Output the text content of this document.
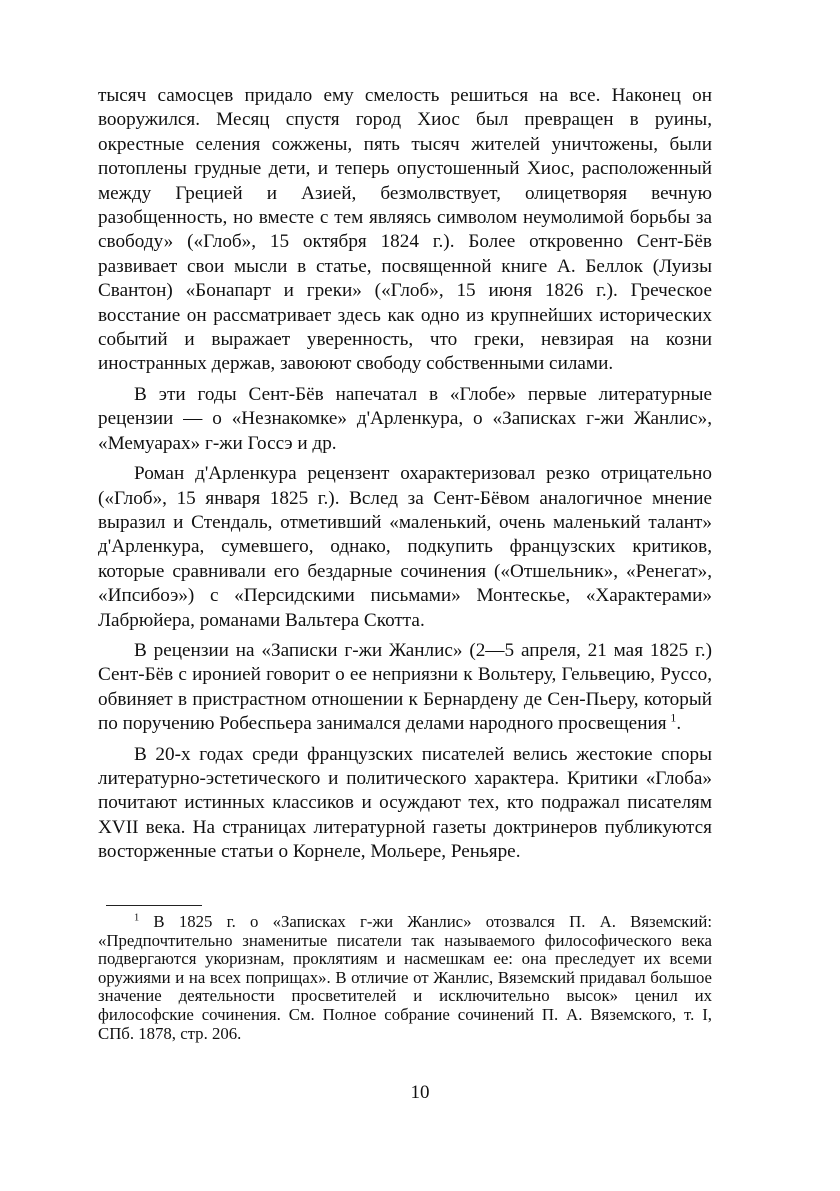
тысяч самосцев придало ему смелость решиться на все. Наконец он вооружился. Месяц спустя город Хиос был превращен в руины, окрестные селения сожжены, пять тысяч жителей уничтожены, были потоплены грудные дети, и теперь опустошенный Хиос, расположенный между Грецией и Азией, безмолвствует, олицетворяя вечную разобщенность, но вместе с тем являясь символом неумолимой борьбы за свободу» («Глоб», 15 октября 1824 г.). Более откровенно Сент-Бёв развивает свои мысли в статье, посвященной книге А. Беллок (Луизы Свантон) «Бонапарт и греки» («Глоб», 15 июня 1826 г.). Греческое восстание он рассматривает здесь как одно из крупнейших исторических событий и выражает уверенность, что греки, невзирая на козни иностранных держав, завоюют свободу собственными силами.

В эти годы Сент-Бёв напечатал в «Глобе» первые литературные рецензии — о «Незнакомке» д'Арленкура, о «Записках г-жи Жанлис», «Мемуарах» г-жи Госсэ и др.

Роман д'Арленкура рецензент охарактеризовал резко отрицательно («Глоб», 15 января 1825 г.). Вслед за Сент-Бёвом аналогичное мнение выразил и Стендаль, отметивший «маленький, очень маленький талант» д'Арленкура, сумевшего, однако, подкупить французских критиков, которые сравнивали его бездарные сочинения («Отшельник», «Ренегат», «Ипсибоэ») с «Персидскими письмами» Монтескье, «Характерами» Лабрюйера, романами Вальтера Скотта.

В рецензии на «Записки г-жи Жанлис» (2—5 апреля, 21 мая 1825 г.) Сент-Бёв с иронией говорит о ее неприязни к Вольтеру, Гельвецию, Руссо, обвиняет в пристрастном отношении к Бернардену де Сен-Пьеру, который по поручению Робеспьера занимался делами народного просвещения  $^1$.

В 20-х годах среди французских писателей велись жестокие споры литературно-эстетического и политического характера. Критики «Глоба» почитают истинных классиков и осуждают тех, кто подражал писателям XVII века. На страницах литературной газеты доктринеров публикуются восторженные статьи о Корнеле, Мольере, Реньяре.

$^1$ В 1825 г. о «Записках г-жи Жанлис» отозвался П. А. Вяземский: «Предпочтительно знаменитые писатели так называемого философического века подвергаются укоризнам, проклятиям и насмешкам ее: она преследует их всеми оружиями и на всех поприщах». В отличие от Жанлис, Вяземский придавал большое значение деятельности просветителей и исключительно высок» ценил их философские сочинения. См. Полное собрание сочинений П. А. Вяземского, т. I, СПб. 1878, стр. 206.

10
